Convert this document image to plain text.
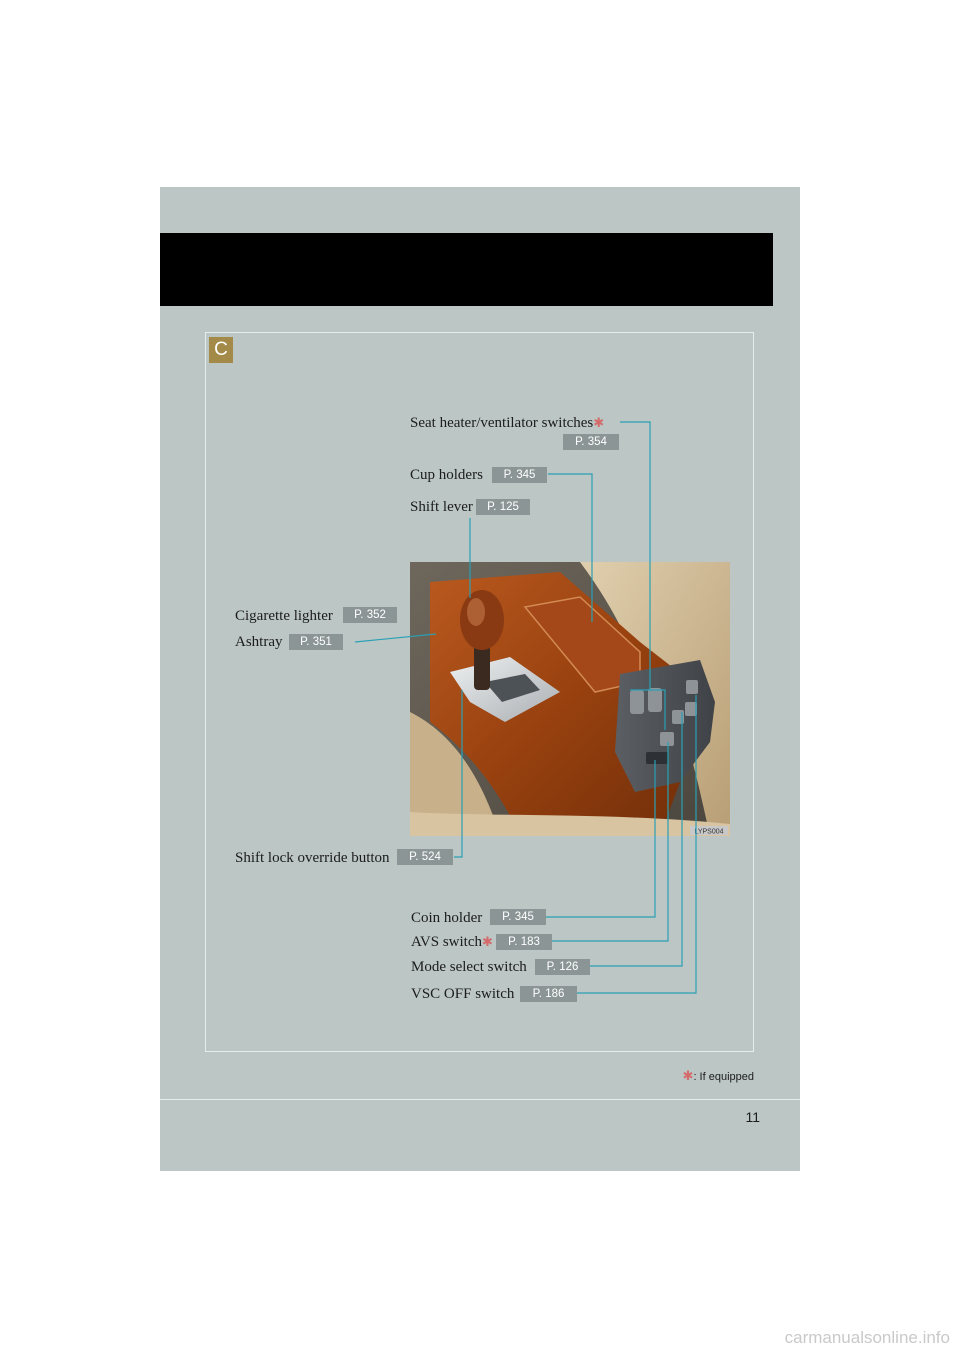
C
LYPS004
Seat heater/ventilator switches✱
P. 354
Cup holders	P. 345
Shift lever	P. 125
Cigarette lighter	P. 352
Ashtray	P. 351
Shift lock override button	P. 524
Coin holder	P. 345
AVS switch✱	P. 183
Mode select switch	P. 126
VSC OFF switch	P. 186
✱: If equipped
11
carmanualsonline.info
